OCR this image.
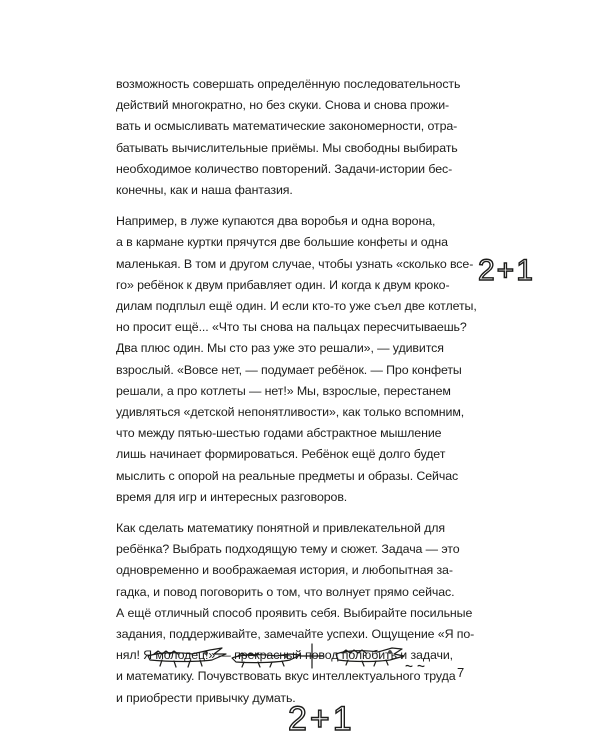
возможность совершать определённую последовательность
действий многократно, но без скуки. Снова и снова прожи-
вать и осмысливать математические закономерности, отра-
батывать вычислительные приёмы. Мы свободны выбирать
необходимое количество повторений. Задачи-истории бес-
конечны, как и наша фантазия.

Например, в луже купаются два воробья и одна ворона,
а в кармане куртки прячутся две большие конфеты и одна
маленькая. В том и другом случае, чтобы узнать «сколько все-
го» ребёнок к двум прибавляет один. И когда к двум кроко-
дилам подплыл ещё один. И если кто-то уже съел две котлеты,
но просит ещё... «Что ты снова на пальцах пересчитываешь?
Два плюс один. Мы сто раз уже это решали», — удивится
взрослый. «Вовсе нет, — подумает ребёнок. — Про конфеты
решали, а про котлеты — нет!» Мы, взрослые, перестанем
удивляться «детской непонятливости», как только вспомним,
что между пятью-шестью годами абстрактное мышление
лишь начинает формироваться. Ребёнок ещё долго будет
мыслить с опорой на реальные предметы и образы. Сейчас
время для игр и интересных разговоров.

Как сделать математику понятной и привлекательной для
ребёнка? Выбрать подходящую тему и сюжет. Задача — это
одновременно и воображаемая история, и любопытная за-
гадка, и повод поговорить о том, что волнует прямо сейчас.
А ещё отличный способ проявить себя. Выбирайте посильные
задания, поддерживайте, замечайте успехи. Ощущение «Я по-
нял! Я молодец!» — прекрасный повод полюбить и задачи,
и математику. Почувствовать вкус интеллектуального труда
и приобрести привычку думать.

2+1
2+1
7
